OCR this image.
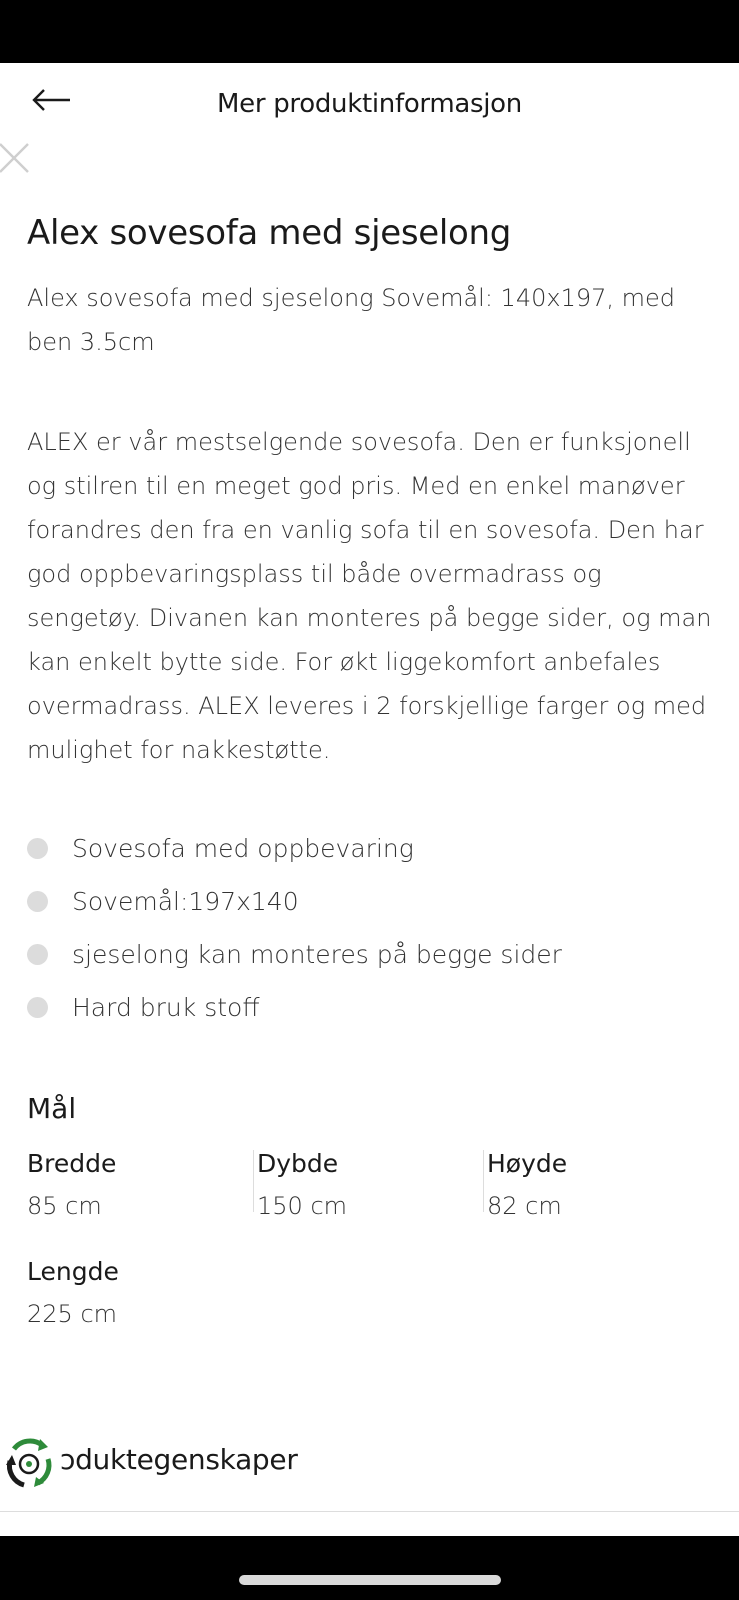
Mer produktinformasjon
Alex sovesofa med sjeselong
Alex sovesofa med sjeselong Sovemål: 140x197, med ben 3.5cm
ALEX er vår mestselgende sovesofa. Den er funksjonell og stilren til en meget god pris. Med en enkel manøver forandres den fra en vanlig sofa til en sovesofa. Den har god oppbevaringsplass til både overmadrass og sengetøy. Divanen kan monteres på begge sider, og man kan enkelt bytte side. For økt liggekomfort anbefales overmadrass. ALEX leveres i 2 forskjellige farger og med mulighet for nakkestøtte.
Sovesofa med oppbevaring
Sovemål:197x140
sjeselong kan monteres på begge sider
Hard bruk stoff
Mål
Bredde
85 cm
Dybde
150 cm
Høyde
82 cm
Lengde
225 cm
ɔduktegenskaper
